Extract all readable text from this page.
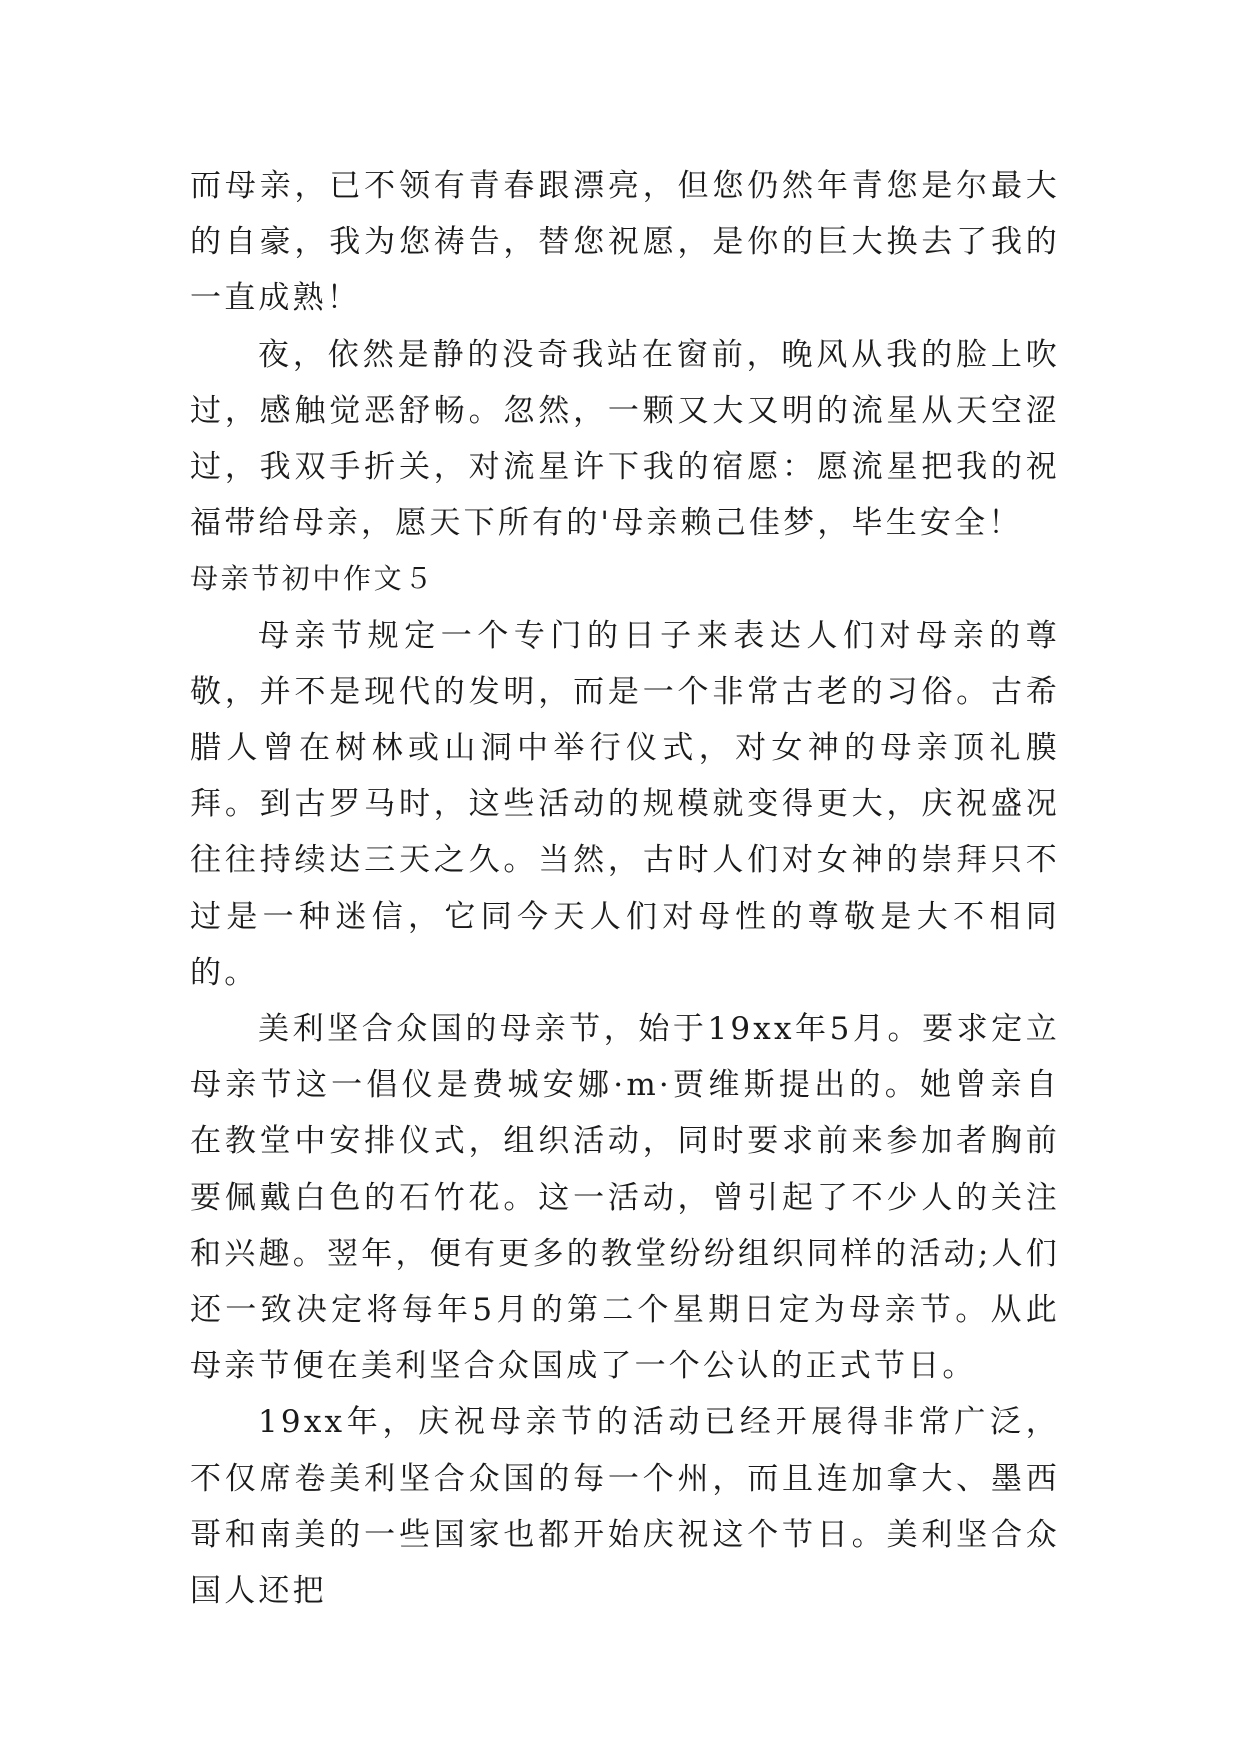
而母亲，已不领有青春跟漂亮，但您仍然年青您是尔最大的自豪，我为您祷告，替您祝愿，是你的巨大换去了我的一直成熟！

夜，依然是静的没奇我站在窗前，晚风从我的脸上吹过，感触觉恶舒畅。忽然，一颗又大又明的流星从天空涩过，我双手折关，对流星许下我的宿愿：愿流星把我的祝福带给母亲，愿天下所有的'母亲赖己佳梦，毕生安全！

母亲节初中作文５

母亲节规定一个专门的日子来表达人们对母亲的尊敬，并不是现代的发明，而是一个非常古老的习俗。古希腊人曾在树林或山洞中举行仪式，对女神的母亲顶礼膜拜。到古罗马时，这些活动的规模就变得更大，庆祝盛况往往持续达三天之久。当然，古时人们对女神的崇拜只不过是一种迷信，它同今天人们对母性的尊敬是大不相同的。

美利坚合众国的母亲节，始于19xx年5月。要求定立母亲节这一倡仪是费城安娜·m·贾维斯提出的。她曾亲自在教堂中安排仪式，组织活动，同时要求前来参加者胸前要佩戴白色的石竹花。这一活动，曾引起了不少人的关注和兴趣。翌年，便有更多的教堂纷纷组织同样的活动;人们还一致决定将每年5月的第二个星期日定为母亲节。从此母亲节便在美利坚合众国成了一个公认的正式节日。

19xx年，庆祝母亲节的活动已经开展得非常广泛，不仅席卷美利坚合众国的每一个州，而且连加拿大、墨西哥和南美的一些国家也都开始庆祝这个节日。美利坚合众国人还把
